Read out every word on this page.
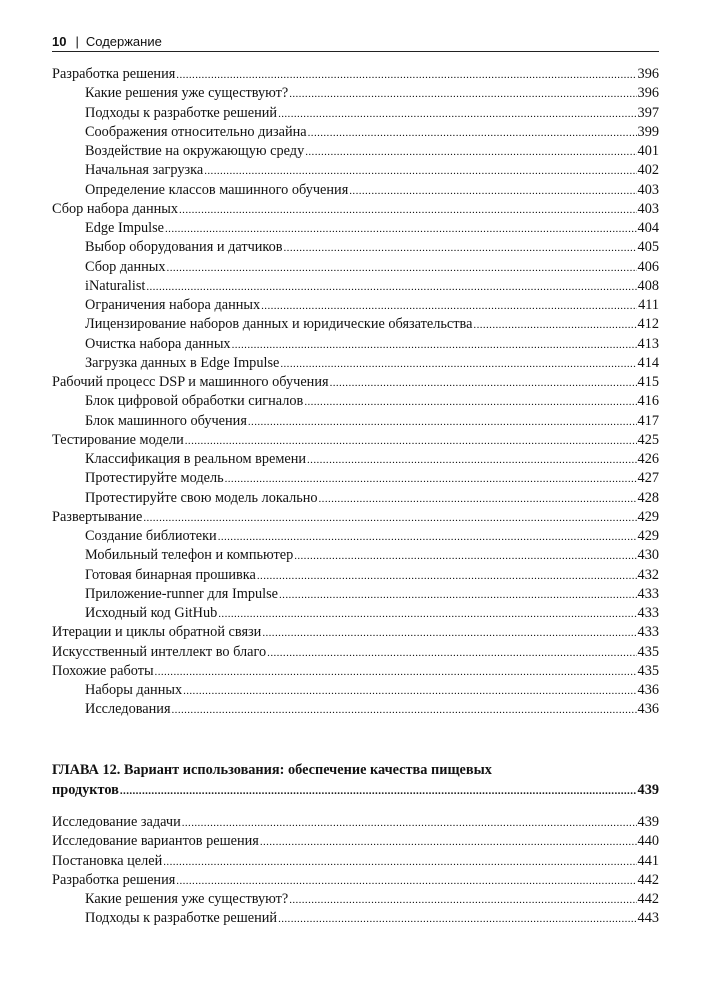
10 | Содержание
Разработка решения .....	396
Какие решения уже существуют? .....	396
Подходы к разработке решений .....	397
Соображения относительно дизайна .....	399
Воздействие на окружающую среду .....	401
Начальная загрузка .....	402
Определение классов машинного обучения .....	403
Сбор набора данных .....	403
Edge Impulse .....	404
Выбор оборудования и датчиков .....	405
Сбор данных .....	406
iNaturalist .....	408
Ограничения набора данных .....	411
Лицензирование наборов данных и юридические обязательства .....	412
Очистка набора данных .....	413
Загрузка данных в Edge Impulse .....	414
Рабочий процесс DSP и машинного обучения .....	415
Блок цифровой обработки сигналов .....	416
Блок машинного обучения .....	417
Тестирование модели .....	425
Классификация в реальном времени .....	426
Протестируйте модель .....	427
Протестируйте свою модель локально .....	428
Развертывание .....	429
Создание библиотеки .....	429
Мобильный телефон и компьютер .....	430
Готовая бинарная прошивка .....	432
Приложение-runner для Impulse .....	433
Исходный код GitHub .....	433
Итерации и циклы обратной связи .....	433
Искусственный интеллект во благо .....	435
Похожие работы .....	435
Наборы данных .....	436
Исследования .....	436
ГЛАВА 12. Вариант использования: обеспечение качества пищевых
продуктов .....	439
Исследование задачи .....	439
Исследование вариантов решения .....	440
Постановка целей .....	441
Разработка решения .....	442
Какие решения уже существуют? .....	442
Подходы к разработке решений .....	443
